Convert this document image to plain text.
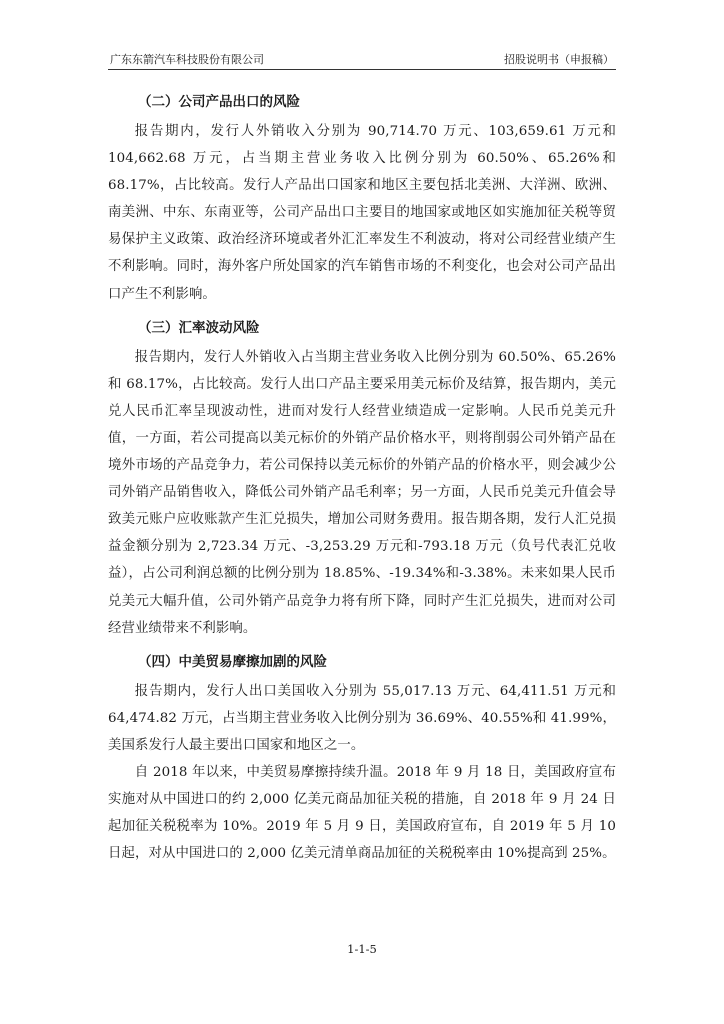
广东东箭汽车科技股份有限公司	招股说明书（申报稿）
（二）公司产品出口的风险

报告期内，发行人外销收入分别为 90,714.70 万元、103,659.61 万元和 104,662.68 万元，占当期主营业务收入比例分别为 60.50%、65.26%和 68.17%，占比较高。发行人产品出口国家和地区主要包括北美洲、大洋洲、欧洲、南美洲、中东、东南亚等，公司产品出口主要目的地国家或地区如实施加征关税等贸易保护主义政策、政治经济环境或者外汇汇率发生不利波动，将对公司经营业绩产生不利影响。同时，海外客户所处国家的汽车销售市场的不利变化，也会对公司产品出口产生不利影响。

（三）汇率波动风险

报告期内，发行人外销收入占当期主营业务收入比例分别为 60.50%、65.26%和 68.17%，占比较高。发行人出口产品主要采用美元标价及结算，报告期内，美元兑人民币汇率呈现波动性，进而对发行人经营业绩造成一定影响。人民币兑美元升值，一方面，若公司提高以美元标价的外销产品价格水平，则将削弱公司外销产品在境外市场的产品竞争力，若公司保持以美元标价的外销产品的价格水平，则会减少公司外销产品销售收入，降低公司外销产品毛利率；另一方面，人民币兑美元升值会导致美元账户应收账款产生汇兑损失，增加公司财务费用。报告期各期，发行人汇兑损益金额分别为 2,723.34 万元、-3,253.29 万元和-793.18 万元（负号代表汇兑收益），占公司利润总额的比例分别为 18.85%、-19.34%和-3.38%。未来如果人民币兑美元大幅升值，公司外销产品竞争力将有所下降，同时产生汇兑损失，进而对公司经营业绩带来不利影响。

（四）中美贸易摩擦加剧的风险

报告期内，发行人出口美国收入分别为 55,017.13 万元、64,411.51 万元和 64,474.82 万元，占当期主营业务收入比例分别为 36.69%、40.55%和 41.99%，美国系发行人最主要出口国家和地区之一。

自 2018 年以来，中美贸易摩擦持续升温。2018 年 9 月 18 日，美国政府宣布实施对从中国进口的约 2,000 亿美元商品加征关税的措施，自 2018 年 9 月 24 日起加征关税税率为 10%。2019 年 5 月 9 日，美国政府宣布，自 2019 年 5 月 10 日起，对从中国进口的 2,000 亿美元清单商品加征的关税税率由 10%提高到 25%。

1-1-5
